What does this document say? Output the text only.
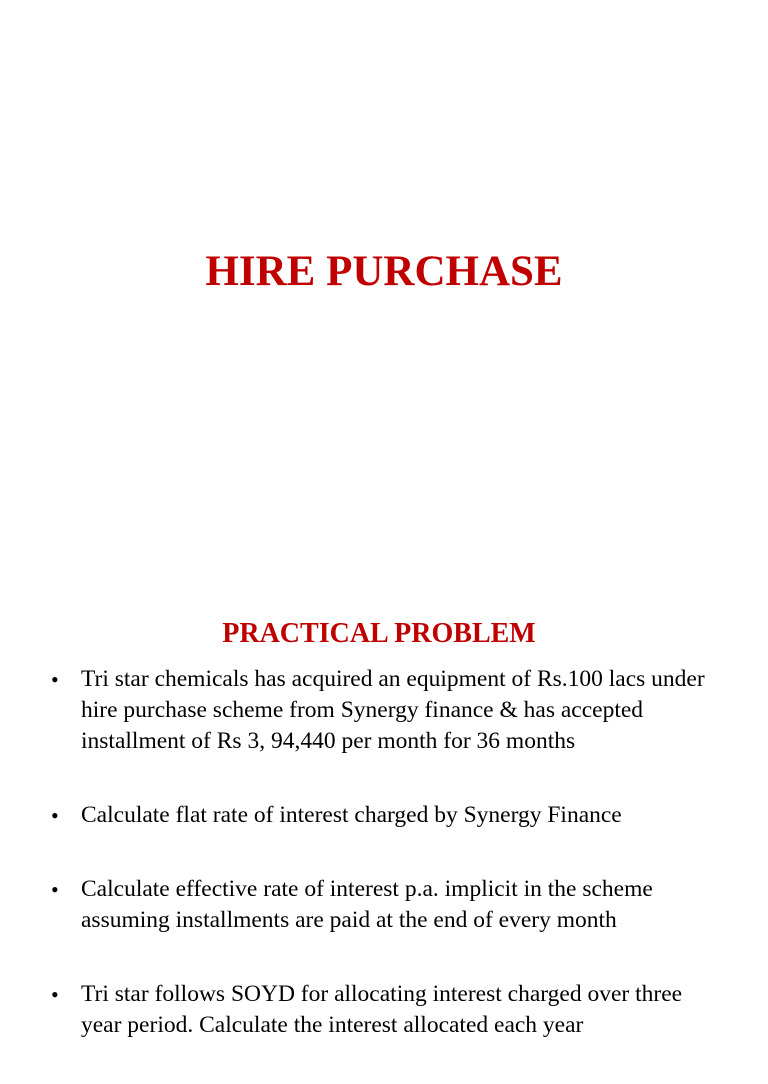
HIRE PURCHASE
PRACTICAL PROBLEM
• Tri star chemicals has acquired an equipment of Rs.100 lacs under hire purchase scheme from Synergy finance & has accepted installment of Rs 3, 94,440 per month for 36 months
• Calculate flat rate of interest charged by Synergy Finance
• Calculate effective rate of interest p.a. implicit in the scheme assuming installments are paid at the end of every month
• Tri star follows SOYD for allocating interest charged over three year period. Calculate the interest allocated each year
